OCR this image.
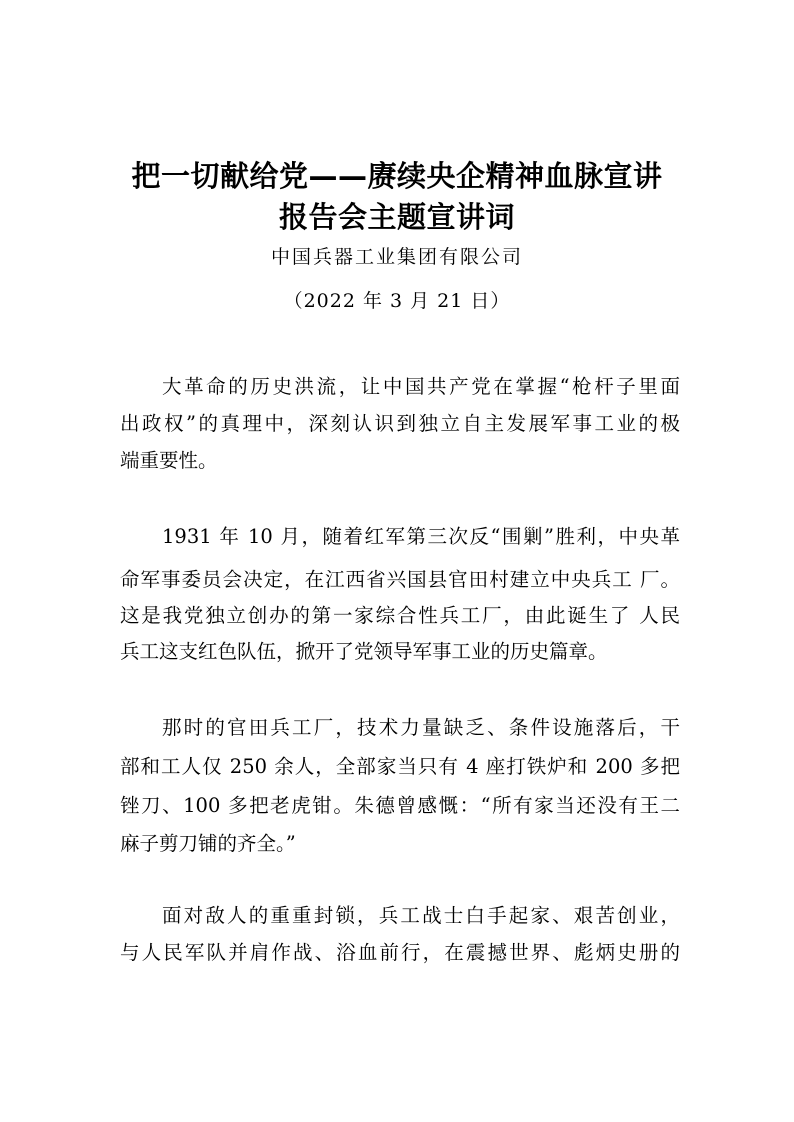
把一切献给党——赓续央企精神血脉宣讲
报告会主题宣讲词
中国兵器工业集团有限公司
（2022 年 3 月 21 日）
大革命的历史洪流，让中国共产党在掌握“枪杆子里面
出政权”的真理中，深刻认识到独立自主发展军事工业的极
端重要性。
1931 年 10 月，随着红军第三次反“围剿”胜利，中央革
命军事委员会决定，在江西省兴国县官田村建立中央兵工 厂。
这是我党独立创办的第一家综合性兵工厂，由此诞生了 人民
兵工这支红色队伍，掀开了党领导军事工业的历史篇章。
那时的官田兵工厂，技术力量缺乏、条件设施落后，干
部和工人仅 250 余人，全部家当只有 4 座打铁炉和 200 多把
锉刀、100 多把老虎钳。朱德曾感慨：“所有家当还没有王二
麻子剪刀铺的齐全。”
面对敌人的重重封锁，兵工战士白手起家、艰苦创业，
与人民军队并肩作战、浴血前行，在震撼世界、彪炳史册的
